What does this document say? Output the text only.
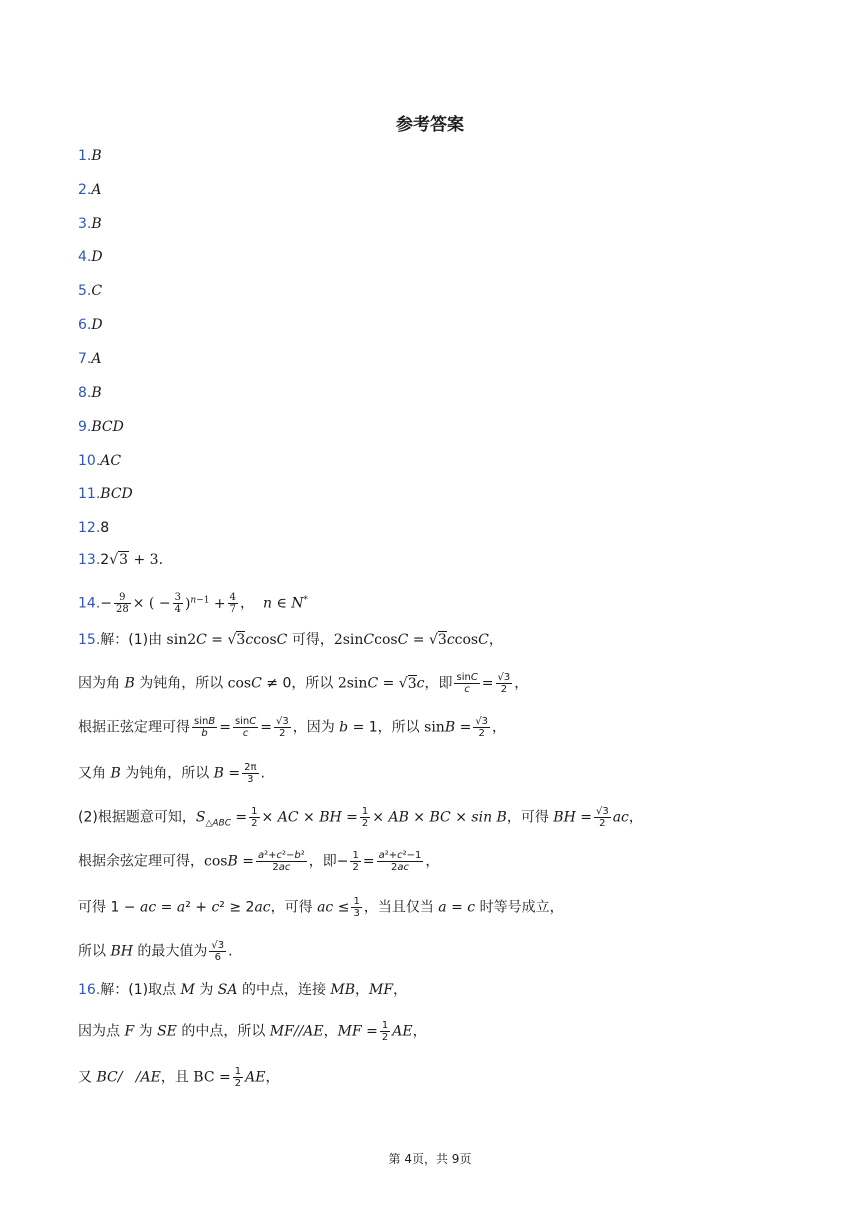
参考答案
1.B
2.A
3.B
4.D
5.C
6.D
7.A
8.B
9.BCD
10.AC
11.BCD
12.8
13.2√3 + 3.
$14.- \frac{9}{28}$ × ( − $\frac{3}{4} )^{n-1} + \frac{4}{7}$ ，  n ∈ N*
15.解：(1)由 sin2C = √3ccosC 可得，2sinCcosC = √3ccosC，
因为角 B 为钝角，所以 cosC ≠ 0，所以 2sinC = √3c，即 $\frac{\sin C}{c} = \frac{√3}{2}$ ，
根据正弦定理可得 $\frac{\sin B}{b} = \frac{\sin C}{c} = \frac{√3}{2}$ ，因为 b = 1，所以 $\sin B = \frac{√3}{2}$ ，
又角 B 为钝角，所以 $B = \frac{2\pi}{3}$ .
(2)根据题意可知，$S_{\triangle ABC} = \frac{1}{2}$ × AC × BH = $\frac{1}{2}$ × AB × BC × sin B，可得 BH = $\frac{√3}{2}$ ac，
根据余弦定理可得，$\cos B = \frac{\text{a²+c²−b²}}{2ac}$ ，即− $\frac{1}{2} = \frac{\text{a²+c²−1}}{2ac}$ ，
可得 1 − ac = a² + c² ≥ 2ac，可得 ac ≤ $\frac{1}{3}$ ，当且仅当 a = c 时等号成立，
所以 BH 的最大值为 $\frac{√3}{6}$ .
16.解：(1)取点 M 为 SA 的中点，连接 MB，MF，
因为点 F 为 SE 的中点，所以 MF//AE，MF = $\frac{1}{2}$ AE，
又 BC/   /AE，且 BC = $\frac{1}{2}$ AE，
第 4页，共 9页
